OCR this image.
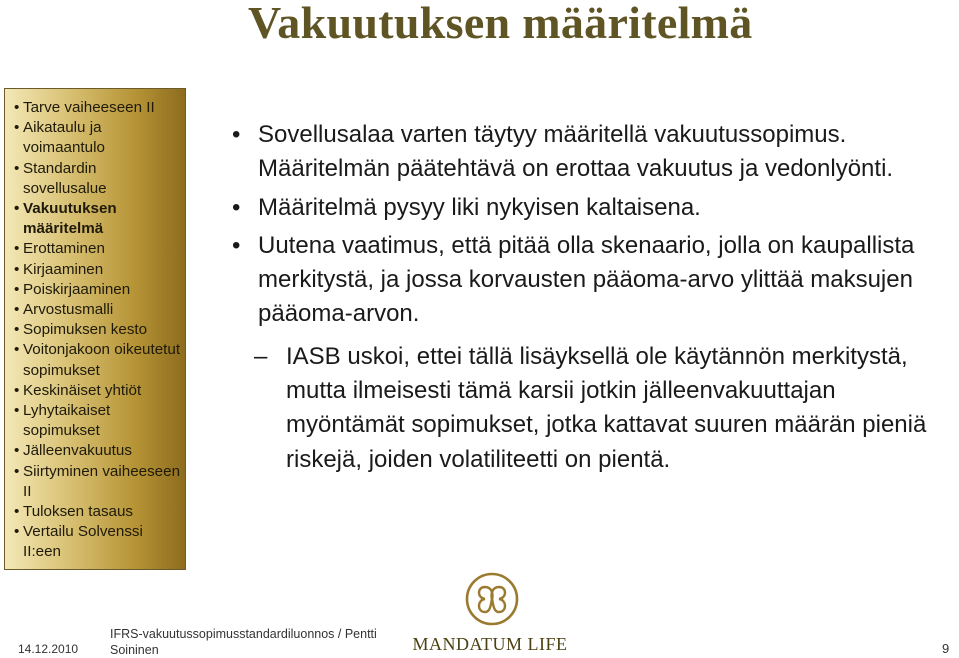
Vakuutuksen määritelmä
• Tarve vaiheeseen II
• Aikataulu ja voimaantulo
• Standardin sovellusalue
• Vakuutuksen määritelmä
• Erottaminen
• Kirjaaminen
• Poiskirjaaminen
• Arvostusmalli
• Sopimuksen kesto
• Voitonjakoon oikeutetut sopimukset
• Keskinäiset yhtiöt
• Lyhytaikaiset sopimukset
• Jälleenvakuutus
• Siirtyminen vaiheeseen II
• Tuloksen tasaus
• Vertailu Solvenssi II:een
• Sovellusalaa varten täytyy määritellä vakuutussopimus. Määritelmän päätehtävä on erottaa vakuutus ja vedonlyönti.
• Määritelmä pysyy liki nykyisen kaltaisena.
• Uutena vaatimus, että pitää olla skenaario, jolla on kaupallista merkitystä, ja jossa korvausten pääoma-arvo ylittää maksujen pääoma-arvon.
– IASB uskoi, ettei tällä lisäyksellä ole käytännön merkitystä, mutta ilmeisesti tämä karsii jotkin jälleenvakuuttajan myöntämät sopimukset, jotka kattavat suuren määrän pieniä riskejä, joiden volatiliteetti on pientä.
MANDATUM LIFE
14.12.2010
IFRS-vakuutussopimusstandardiluonnos / Pentti Soininen	9
